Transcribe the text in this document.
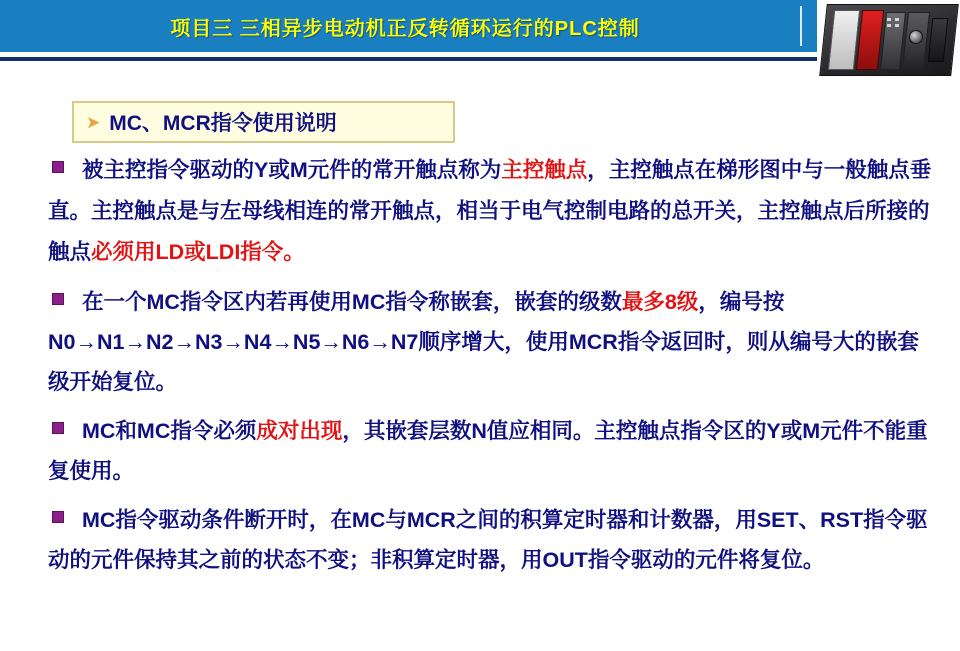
项目三 三相异步电动机正反转循环运行的PLC控制
➤ MC、MCR指令使用说明
被主控指令驱动的Y或M元件的常开触点称为主控触点，主控触点在梯形图中与一般触点垂直。主控触点是与左母线相连的常开触点，相当于电气控制电路的总开关，主控触点后所接的触点必须用LD或LDI指令。
在一个MC指令区内若再使用MC指令称嵌套，嵌套的级数最多8级，编号按N0→N1→N2→N3→N4→N5→N6→N7顺序增大，使用MCR指令返回时，则从编号大的嵌套级开始复位。
MC和MC指令必须成对出现，其嵌套层数N值应相同。主控触点指令区的Y或M元件不能重复使用。
MC指令驱动条件断开时，在MC与MCR之间的积算定时器和计数器，用SET、RST指令驱动的元件保持其之前的状态不变；非积算定时器，用OUT指令驱动的元件将复位。
